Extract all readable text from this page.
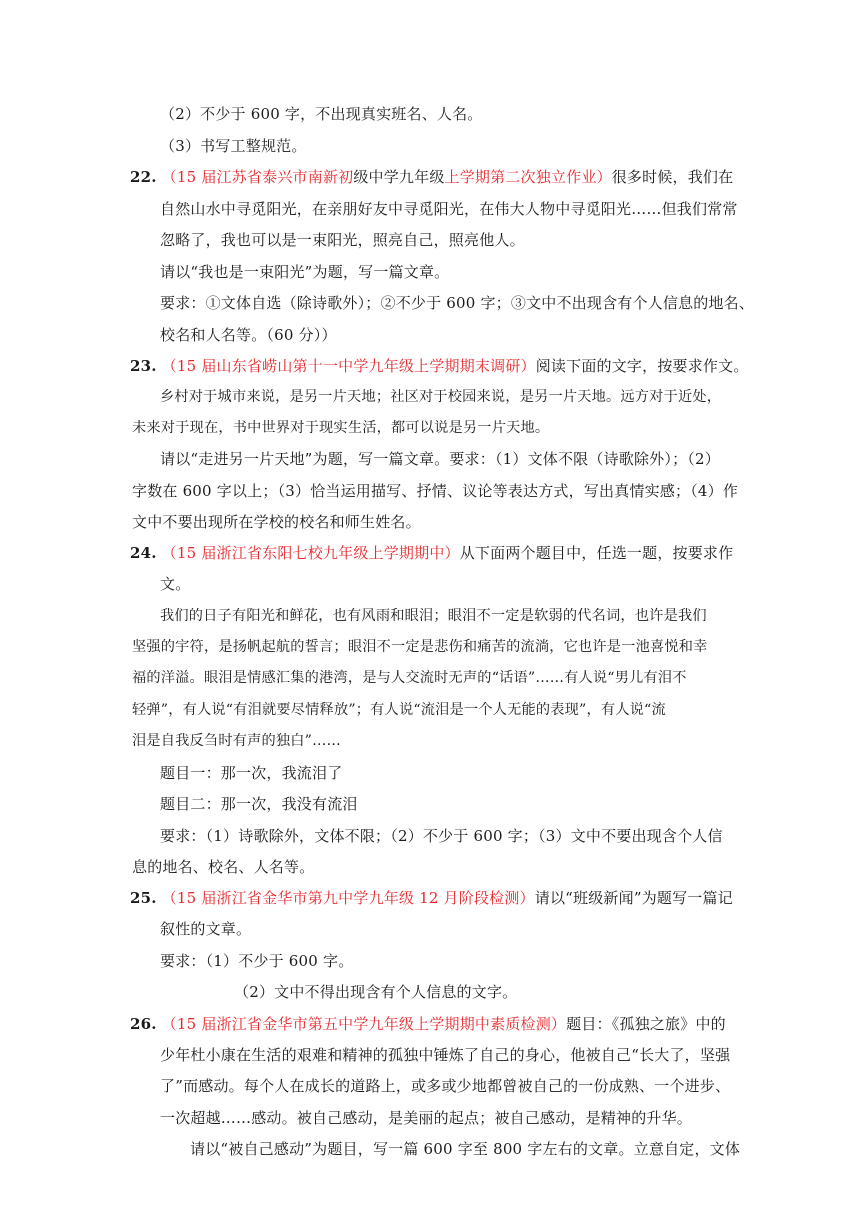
（2）不少于 600 字，不出现真实班名、人名。
（3）书写工整规范。
22. （15 届江苏省泰兴市南新初级中学九年级上学期第二次独立作业）很多时候，我们在
自然山水中寻觅阳光，在亲朋好友中寻觅阳光，在伟大人物中寻觅阳光……但我们常常
忽略了，我也可以是一束阳光，照亮自己，照亮他人。
请以“我也是一束阳光”为题，写一篇文章。
要求：①文体自选（除诗歌外）；②不少于 600 字；③文中不出现含有个人信息的地名、
校名和人名等。（60 分））
23. （15 届山东省崂山第十一中学九年级上学期期末调研）阅读下面的文字，按要求作文。
乡村对于城市来说，是另一片天地；社区对于校园来说，是另一片天地。远方对于近处，
未来对于现在，书中世界对于现实生活，都可以说是另一片天地。
请以“走进另一片天地”为题，写一篇文章。要求：（1）文体不限（诗歌除外）；（2）
字数在 600 字以上；（3）恰当运用描写、抒情、议论等表达方式，写出真情实感；（4）作
文中不要出现所在学校的校名和师生姓名。
24. （15 届浙江省东阳七校九年级上学期期中）从下面两个题目中，任选一题，按要求作
文。
我们的日子有阳光和鲜花，也有风雨和眼泪；眼泪不一定是软弱的代名词，也许是我们
坚强的宇符，是扬帆起航的誓言；眼泪不一定是悲伤和痛苦的流淌，它也许是一池喜悦和幸
福的洋溢。眼泪是情感汇集的港湾，是与人交流时无声的“话语”……有人说“男儿有泪不
轻弹”，有人说“有泪就要尽情释放”；有人说“流泪是一个人无能的表现”，有人说“流
泪是自我反刍时有声的独白”……
题目一：那一次，我流泪了
题目二：那一次，我没有流泪
要求：（1）诗歌除外，文体不限；（2）不少于 600 字；（3）文中不要出现含个人信
息的地名、校名、人名等。
25. （15 届浙江省金华市第九中学九年级 12 月阶段检测）请以“班级新闻”为题写一篇记
叙性的文章。
要求：（1）不少于 600 字。
（2）文中不得出现含有个人信息的文字。
26. （15 届浙江省金华市第五中学九年级上学期期中素质检测）题目：《孤独之旅》中的
少年杜小康在生活的艰难和精神的孤独中锤炼了自己的身心，他被自己“长大了，坚强
了”而感动。每个人在成长的道路上，或多或少地都曾被自己的一份成熟、一个进步、
一次超越……感动。被自己感动，是美丽的起点；被自己感动，是精神的升华。
请以“被自己感动”为题目，写一篇 600 字至 800 字左右的文章。立意自定，文体
